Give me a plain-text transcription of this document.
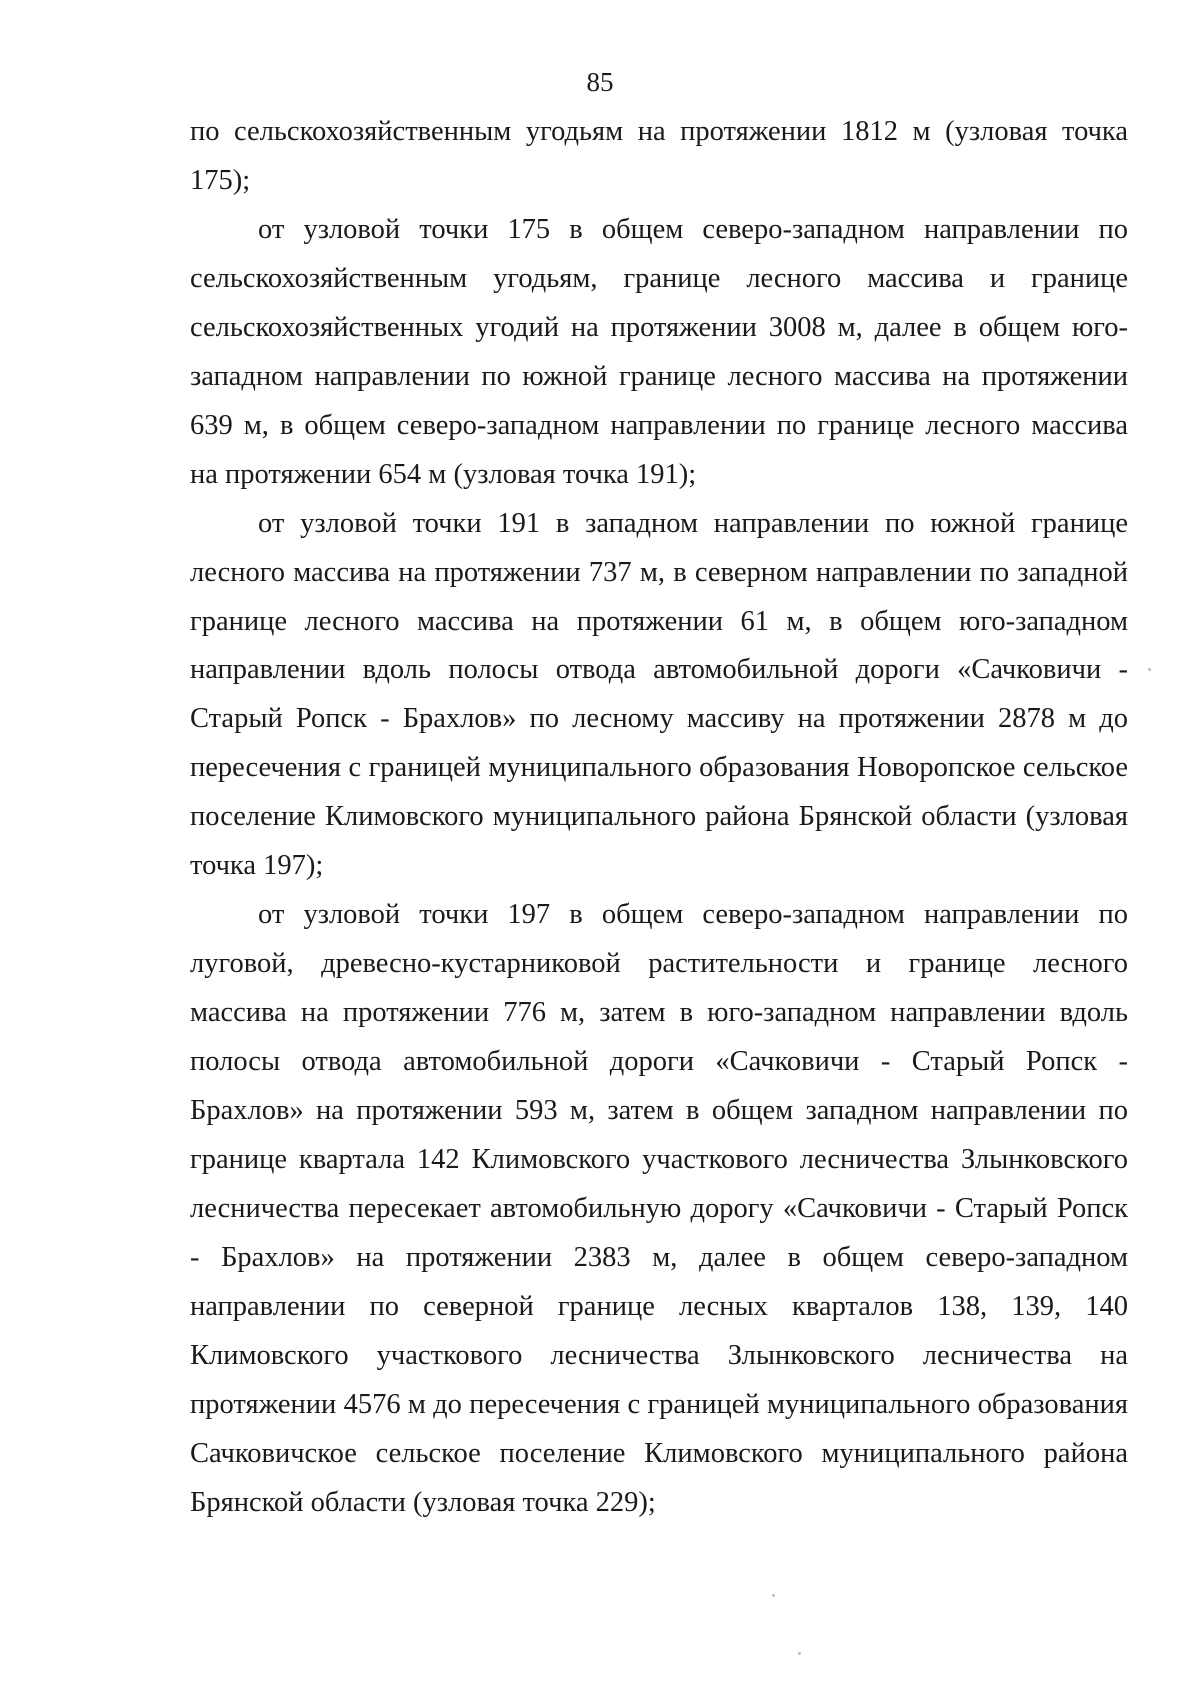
85

по сельскохозяйственным угодьям на протяжении 1812 м (узловая точка 175);

от узловой точки 175 в общем северо-западном направлении по сельскохозяйственным угодьям, границе лесного массива и границе сельскохозяйственных угодий на протяжении 3008 м, далее в общем юго-западном направлении по южной границе лесного массива на протяжении 639 м, в общем северо-западном направлении по границе лесного массива на протяжении 654 м (узловая точка 191);

от узловой точки 191 в западном направлении по южной границе лесного массива на протяжении 737 м, в северном направлении по западной границе лесного массива на протяжении 61 м, в общем юго-западном направлении вдоль полосы отвода автомобильной дороги «Сачковичи - Старый Ропск - Брахлов» по лесному массиву на протяжении 2878 м до пересечения с границей муниципального образования Новоропское сельское поселение Климовского муниципального района Брянской области (узловая точка 197);

от узловой точки 197 в общем северо-западном направлении по луговой, древесно-кустарниковой растительности и границе лесного массива на протяжении 776 м, затем в юго-западном направлении вдоль полосы отвода автомобильной дороги «Сачковичи - Старый Ропск - Брахлов» на протяжении 593 м, затем в общем западном направлении по границе квартала 142 Климовского участкового лесничества Злынковского лесничества пересекает автомобильную дорогу «Сачковичи - Старый Ропск - Брахлов» на протяжении 2383 м, далее в общем северо-западном направлении по северной границе лесных кварталов 138, 139, 140 Климовского участкового лесничества Злынковского лесничества на протяжении 4576 м до пересечения с границей муниципального образования Сачковичское сельское поселение Климовского муниципального района Брянской области (узловая точка 229);
